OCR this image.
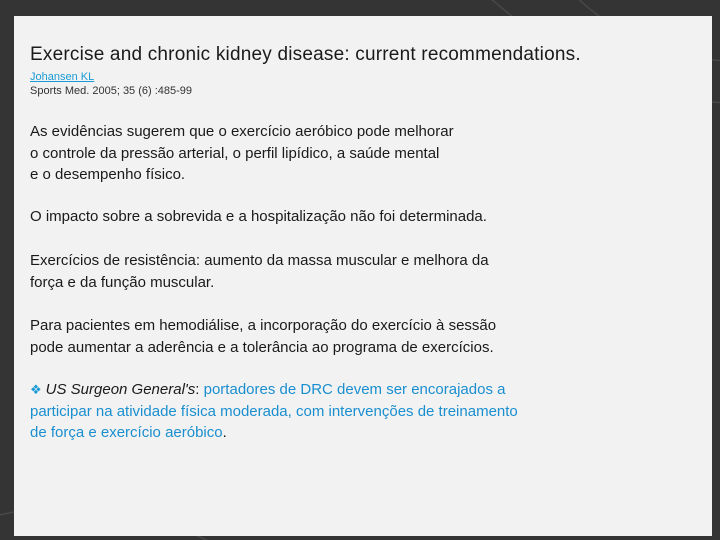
Exercise and chronic kidney disease: current recommendations.
Johansen KL
Sports Med. 2005; 35 (6) :485-99
As evidências sugerem que o exercício aeróbico pode melhorar
o controle da pressão arterial, o perfil lipídico, a saúde mental
e o desempenho físico.
O impacto sobre a sobrevida e a hospitalização não foi determinada.
Exercícios de resistência: aumento da massa muscular e melhora da
força e da função muscular.
Para pacientes em hemodiálise, a incorporação do exercício à sessão
pode aumentar a aderência e a tolerância ao programa de exercícios.
❖ US Surgeon General's: portadores de DRC devem ser encorajados a
participar na atividade física moderada, com intervenções de treinamento
de força e exercício aeróbico.
